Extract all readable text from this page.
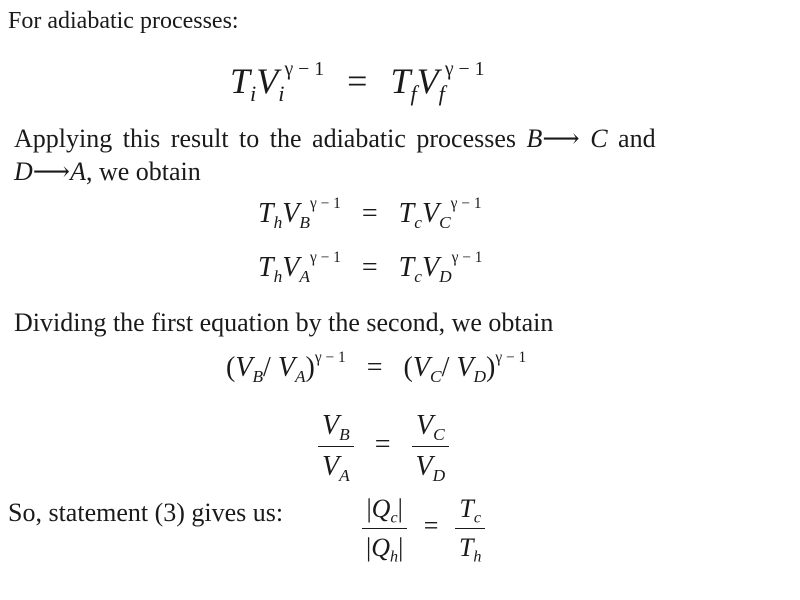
For adiabatic processes:
$T_iV_i^{\gamma - 1} = T_fV_f^{\gamma - 1}$
Applying this result to the adiabatic processes B⟶ C and
D⟶A, we obtain
$T_hV_B^{\gamma - 1} = T_cV_C^{\gamma - 1}$
$T_hV_A^{\gamma - 1} = T_cV_D^{\gamma - 1}$
Dividing the first equation by the second, we obtain
($V_B/$ $V_A)^{\gamma - 1} = (V_C/$ $V_D)^{\gamma - 1}$
$\frac{V_B}{V_A} = \frac{V_C}{V_D}$
So, statement (3) gives us:	$\frac{|Q_c|}{|Q_h|} = \frac{T_c}{T_h}$
